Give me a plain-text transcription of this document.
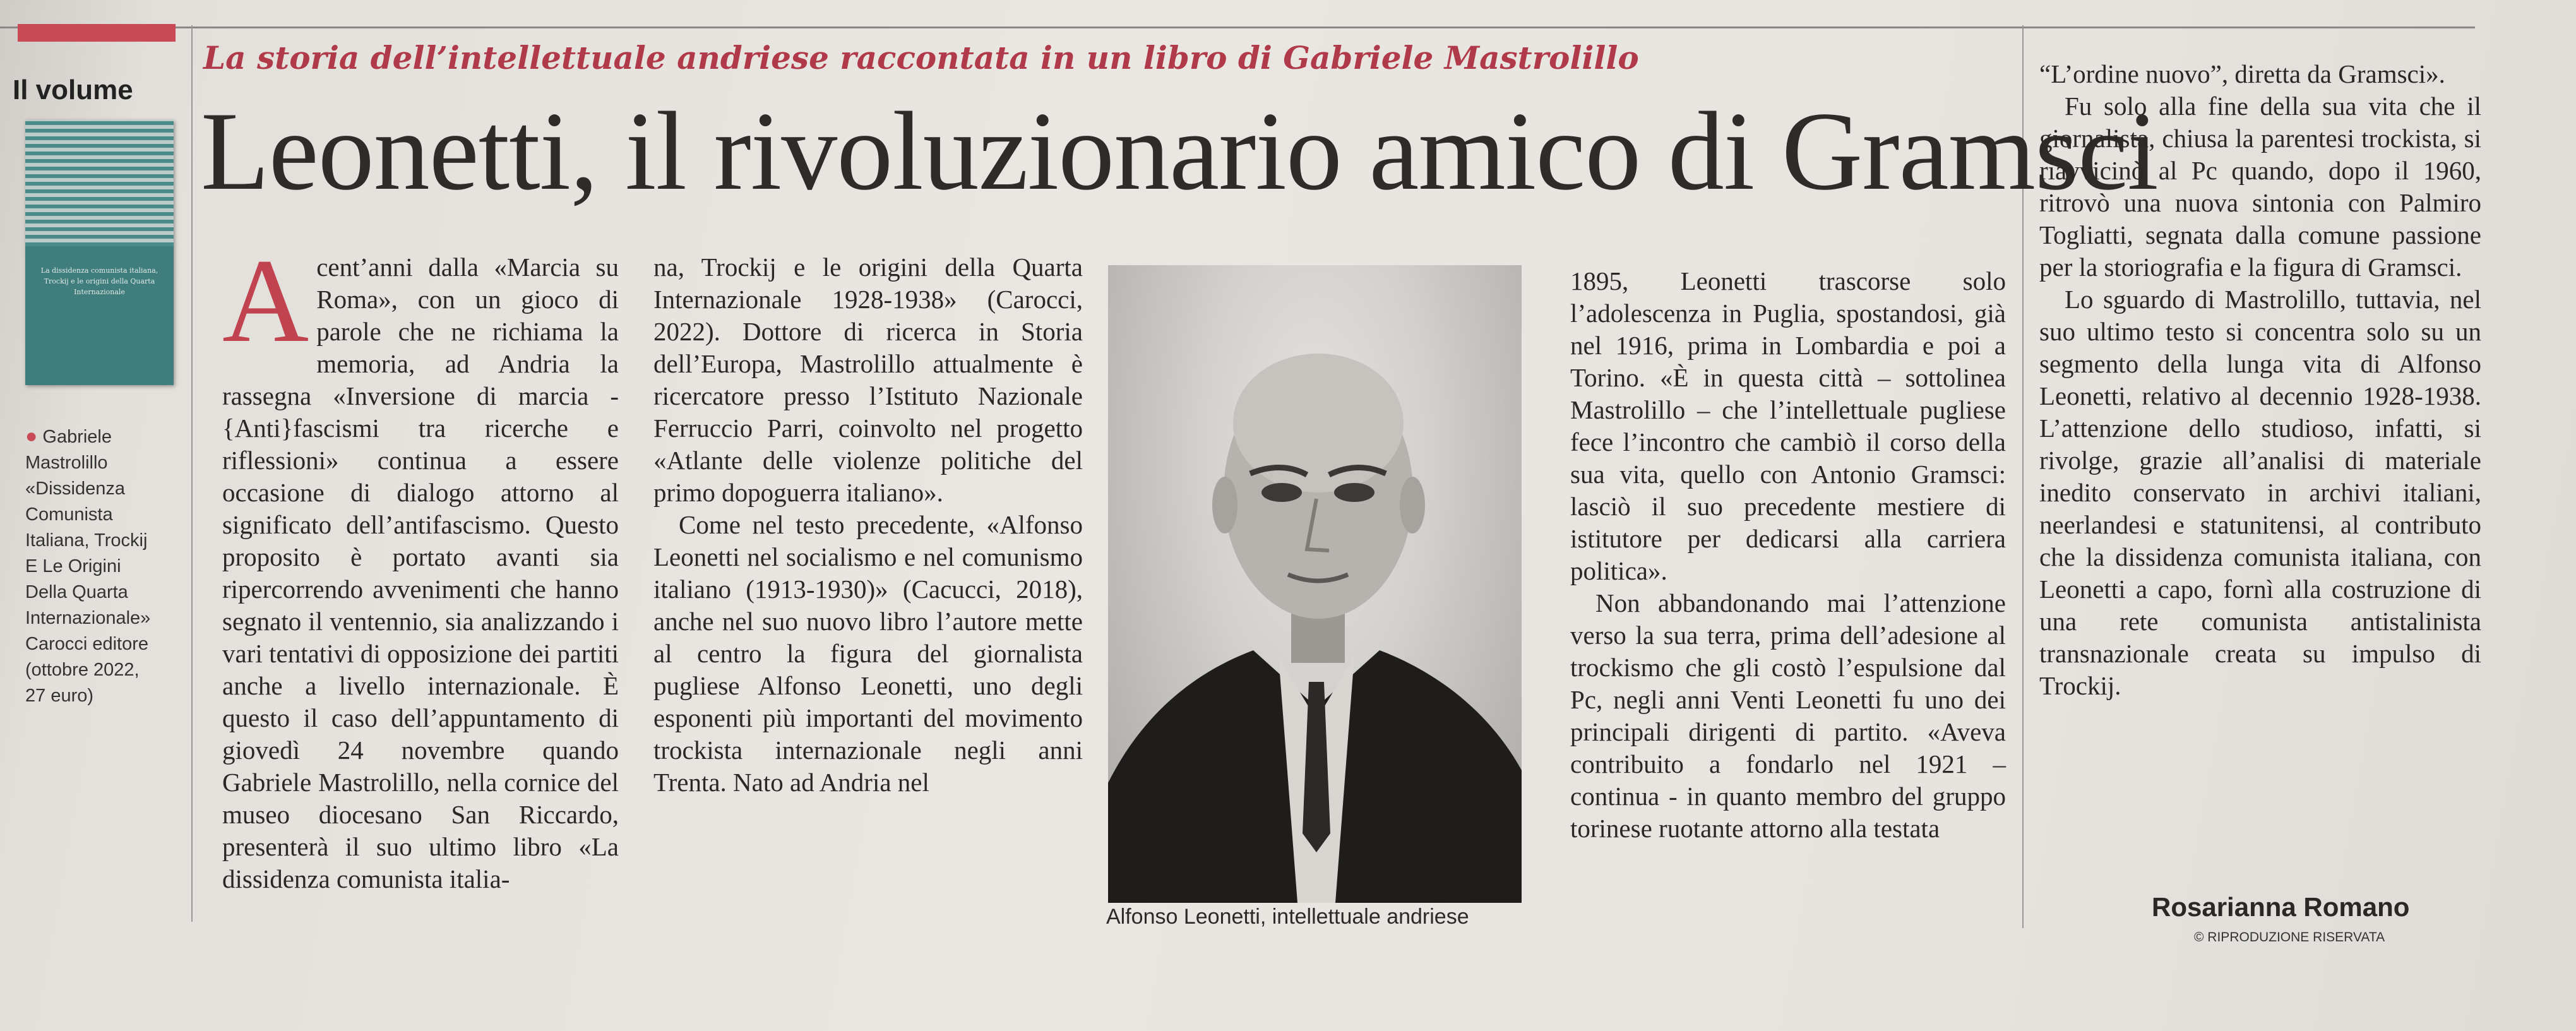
Il volume
La dissidenza comunista italiana, Trockij e le origini della Quarta Internazionale
● Gabriele
Mastrolillo
«Dissidenza
Comunista
Italiana, Trockij
E Le Origini
Della Quarta
Internazionale»
Carocci editore
(ottobre 2022,
27 euro)
La storia dell’intellettuale andriese raccontata in un libro di Gabriele Mastrolillo
Leonetti, il rivoluzionario amico di Gramsci
A cent’anni dalla «Marcia su Roma», con un gioco di parole che ne richiama la memoria, ad Andria la rassegna «Inversione di marcia - {Anti}fascismi tra ricerche e riflessioni» continua a essere occasione di dialogo attorno al significato dell’antifascismo. Questo proposito è portato avanti sia ripercorrendo avvenimenti che hanno segnato il ventennio, sia analizzando i vari tentativi di opposizione dei partiti anche a livello internazionale. È questo il caso dell’appuntamento di giovedì 24 novembre quando Gabriele Mastrolillo, nella cornice del museo diocesano San Riccardo, presenterà il suo ultimo libro «La dissidenza comunista italia-

na, Trockij e le origini della Quarta Internazionale 1928-1938» (Carocci, 2022). Dottore di ricerca in Storia dell’Europa, Mastrolillo attualmente è ricercatore presso l’Istituto Nazionale Ferruccio Parri, coinvolto nel progetto «Atlante delle violenze politiche del primo dopoguerra italiano».

Come nel testo precedente, «Alfonso Leonetti nel socialismo e nel comunismo italiano (1913-1930)» (Cacucci, 2018), anche nel suo nuovo libro l’autore mette al centro la figura del giornalista pugliese Alfonso Leonetti, uno degli esponenti più importanti del movimento trockista internazionale negli anni Trenta. Nato ad Andria nel

Alfonso Leonetti, intellettuale andriese

1895, Leonetti trascorse solo l’adolescenza in Puglia, spostandosi, già nel 1916, prima in Lombardia e poi a Torino. «È in questa città – sottolinea Mastrolillo – che l’intellettuale pugliese fece l’incontro che cambiò il corso della sua vita, quello con Antonio Gramsci: lasciò il suo precedente mestiere di istitutore per dedicarsi alla carriera politica».

Non abbandonando mai l’attenzione verso la sua terra, prima dell’adesione al trockismo che gli costò l’espulsione dal Pc, negli anni Venti Leonetti fu uno dei principali dirigenti di partito. «Aveva contribuito a fondarlo nel 1921 – continua - in quanto membro del gruppo torinese ruotante attorno alla testata

“L’ordine nuovo”, diretta da Gramsci».

Fu solo alla fine della sua vita che il giornalista, chiusa la parentesi trockista, si riavvicinò al Pc quando, dopo il 1960, ritrovò una nuova sintonia con Palmiro Togliatti, segnata dalla comune passione per la storiografia e la figura di Gramsci.

Lo sguardo di Mastrolillo, tuttavia, nel suo ultimo testo si concentra solo su un segmento della lunga vita di Alfonso Leonetti, relativo al decennio 1928-1938. L’attenzione dello studioso, infatti, si rivolge, grazie all’analisi di materiale inedito conservato in archivi italiani, neerlandesi e statunitensi, al contributo che la dissidenza comunista italiana, con Leonetti a capo, fornì alla costruzione di una rete comunista antistalinista transnazionale creata su impulso di Trockij.

Rosarianna Romano
© RIPRODUZIONE RISERVATA
